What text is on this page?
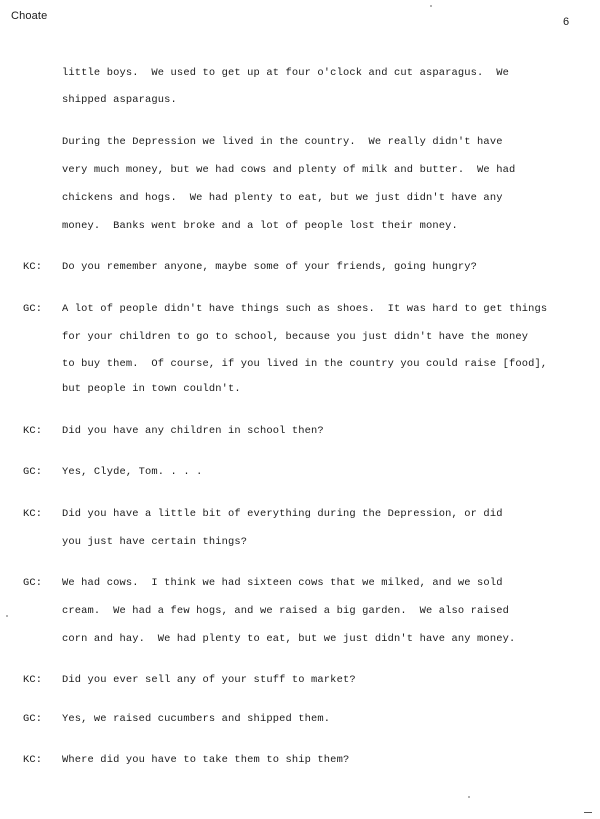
Choate	6
little boys.  We used to get up at four o'clock and cut asparagus.  We
shipped asparagus.
During the Depression we lived in the country.  We really didn't have
very much money, but we had cows and plenty of milk and butter.  We had
chickens and hogs.  We had plenty to eat, but we just didn't have any
money.  Banks went broke and a lot of people lost their money.
KC: Do you remember anyone, maybe some of your friends, going hungry?
GC: A lot of people didn't have things such as shoes.  It was hard to get things
for your children to go to school, because you just didn't have the money
to buy them.  Of course, if you lived in the country you could raise [food],
but people in town couldn't.
KC: Did you have any children in school then?
GC: Yes, Clyde, Tom. . . .
KC: Did you have a little bit of everything during the Depression, or did
you just have certain things?
GC: We had cows.  I think we had sixteen cows that we milked, and we sold
cream.  We had a few hogs, and we raised a big garden.  We also raised
corn and hay.  We had plenty to eat, but we just didn't have any money.
KC: Did you ever sell any of your stuff to market?
GC: Yes, we raised cucumbers and shipped them.
KC: Where did you have to take them to ship them?
